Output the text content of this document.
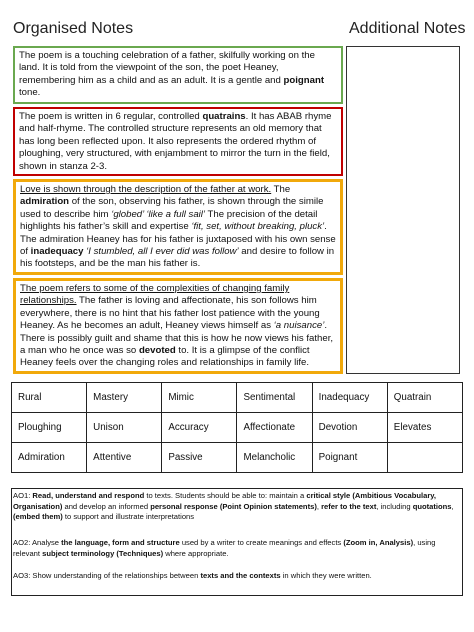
Organised Notes	Additional Notes
The poem is a touching celebration of a father, skilfully working on the land. It is told from the viewpoint of the son, the poet Heaney, remembering him as a child and as an adult. It is a gentle and poignant tone.
The poem is written in 6 regular, controlled quatrains. It has ABAB rhyme and half-rhyme. The controlled structure represents an old memory that has long been reflected upon. It also represents the ordered rhythm of ploughing, very structured, with enjambment to mirror the turn in the field, shown in stanza 2-3.
Love is shown through the description of the father at work. The admiration of the son, observing his father, is shown through the simile used to describe him ‘globed’ ‘like a full sail’ The precision of the detail highlights his father’s skill and expertise ‘fit, set, without breaking, pluck’. The admiration Heaney has for his father is juxtaposed with his own sense of inadequacy ‘I stumbled, all I ever did was follow’ and desire to follow in his footsteps, and be the man his father is.
The poem refers to some of the complexities of changing family relationships. The father is loving and affectionate, his son follows him everywhere, there is no hint that his father lost patience with the young Heaney. As he becomes an adult, Heaney views himself as ‘a nuisance’. There is possibly guilt and shame that this is how he now views his father, a man who he once was so devoted to. It is a glimpse of the conflict Heaney feels over the changing roles and relationships in family life.
Rural	Mastery	Mimic	Sentimental	Inadequacy	Quatrain
Ploughing	Unison	Accuracy	Affectionate	Devotion	Elevates
Admiration	Attentive	Passive	Melancholic	Poignant	
AO1: Read, understand and respond to texts. Students should be able to: maintain a critical style (Ambitious Vocabulary, Organisation) and develop an informed personal response (Point Opinion statements), refer to the text, including quotations, (embed them) to support and illustrate interpretations
AO2: Analyse the language, form and structure used by a writer to create meanings and effects (Zoom in, Analysis), using relevant subject terminology (Techniques) where appropriate.
AO3: Show understanding of the relationships between texts and the contexts in which they were written.
